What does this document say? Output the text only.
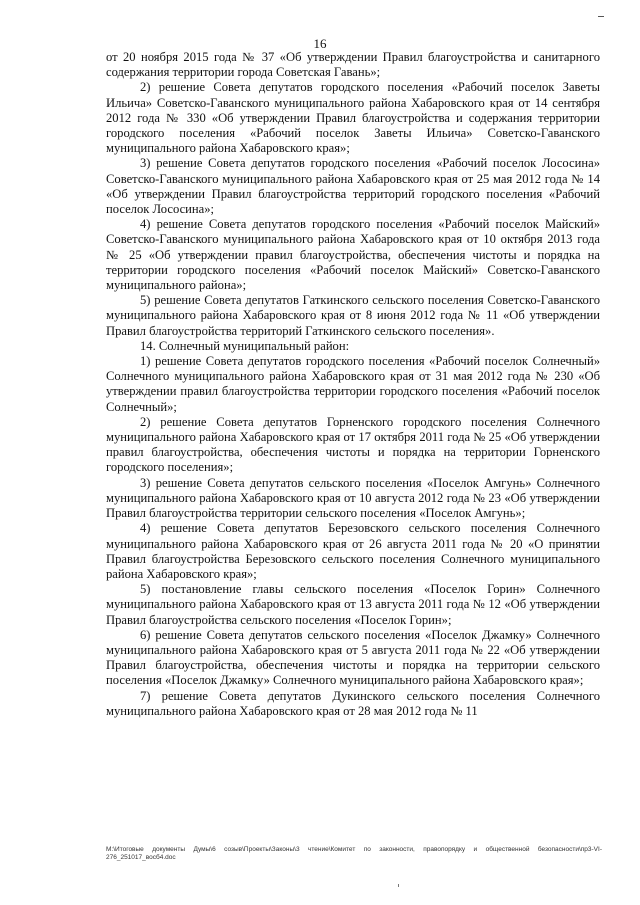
16

от 20 ноября 2015 года № 37 «Об утверждении Правил благоустройства и санитарного содержания территории города Советская Гавань»;

2) решение Совета депутатов городского поселения «Рабочий поселок Заветы Ильича» Советско-Гаванского муниципального района Хабаровского края от 14 сентября 2012 года № 330 «Об утверждении Правил благоустройства и содержания территории городского поселения «Рабочий поселок Заветы Ильича» Советско-Гаванского муниципального района Хабаровского края»;

3) решение Совета депутатов городского поселения «Рабочий поселок Лососина» Советско-Гаванского муниципального района Хабаровского края от 25 мая 2012 года № 14 «Об утверждении Правил благоустройства территорий городского поселения «Рабочий поселок Лососина»;

4) решение Совета депутатов городского поселения «Рабочий поселок Майский» Советско-Гаванского муниципального района Хабаровского края от 10 октября 2013 года № 25 «Об утверждении правил благоустройства, обеспечения чистоты и порядка на территории городского поселения «Рабочий поселок Майский» Советско-Гаванского муниципального района»;

5) решение Совета депутатов Гаткинского сельского поселения Советско-Гаванского муниципального района Хабаровского края от 8 июня 2012 года № 11 «Об утверждении Правил благоустройства территорий Гаткинского сельского поселения».

14. Солнечный муниципальный район:

1) решение Совета депутатов городского поселения «Рабочий поселок Солнечный» Солнечного муниципального района Хабаровского края от 31 мая 2012 года № 230 «Об утверждении правил благоустройства территории городского поселения «Рабочий поселок Солнечный»;

2) решение Совета депутатов Горненского городского поселения Солнечного муниципального района Хабаровского края от 17 октября 2011 года № 25 «Об утверждении правил благоустройства, обеспечения чистоты и порядка на территории Горненского городского поселения»;

3) решение Совета депутатов сельского поселения «Поселок Амгунь» Солнечного муниципального района Хабаровского края от 10 августа 2012 года № 23 «Об утверждении Правил благоустройства территории сельского поселения «Поселок Амгунь»;

4) решение Совета депутатов Березовского сельского поселения Солнечного муниципального района Хабаровского края от 26 августа 2011 года № 20 «О принятии Правил благоустройства Березовского сельского поселения Солнечного муниципального района Хабаровского края»;

5) постановление главы сельского поселения «Поселок Горин» Солнечного муниципального района Хабаровского края от 13 августа 2011 года № 12 «Об утверждении Правил благоустройства сельского поселения «Поселок Горин»;

6) решение Совета депутатов сельского поселения «Поселок Джамку» Солнечного муниципального района Хабаровского края от 5 августа 2011 года № 22 «Об утверждении Правил благоустройства, обеспечения чистоты и порядка на территории сельского поселения «Поселок Джамку» Солнечного муниципального района Хабаровского края»;

7) решение Совета депутатов Дукинского сельского поселения Солнечного муниципального района Хабаровского края от 28 мая 2012 года № 11

M:\Итоговые документы Думы\6 созыв\Проекты\Законы\3 чтение\Комитет по законности, правопорядку и общественной безопасности\пр3-VI-276_251017_восб4.doc
